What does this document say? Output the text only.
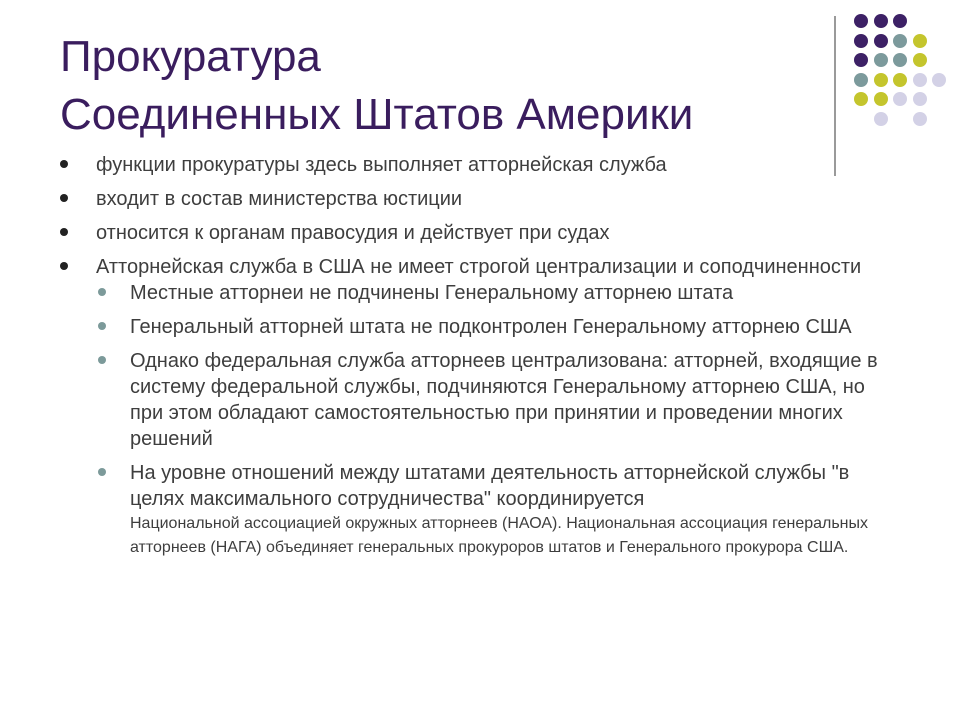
Прокуратура
Соединенных Штатов Америки
функции прокуратуры здесь выполняет атторнейская служба
входит в состав министерства юстиции
относится к органам правосудия и действует при судах
Атторнейская служба в США не имеет строгой централизации и соподчиненности
Местные атторнеи не подчинены Генеральному атторнею штата
Генеральный атторней штата не подконтролен Генеральному атторнею США
Однако федеральная служба атторнеев централизована: атторней, входящие в систему федеральной службы, подчиняются Генеральному атторнею США, но при этом обладают самостоятельностью при принятии и проведении многих решений
На уровне отношений между штатами деятельность атторнейской службы "в целях максимального сотрудничества" координируется
Национальной ассоциацией окружных атторнеев (НАОА). Национальная ассоциация генеральных атторнеев (НАГА) объединяет генеральных прокуроров штатов и Генерального прокурора США.
